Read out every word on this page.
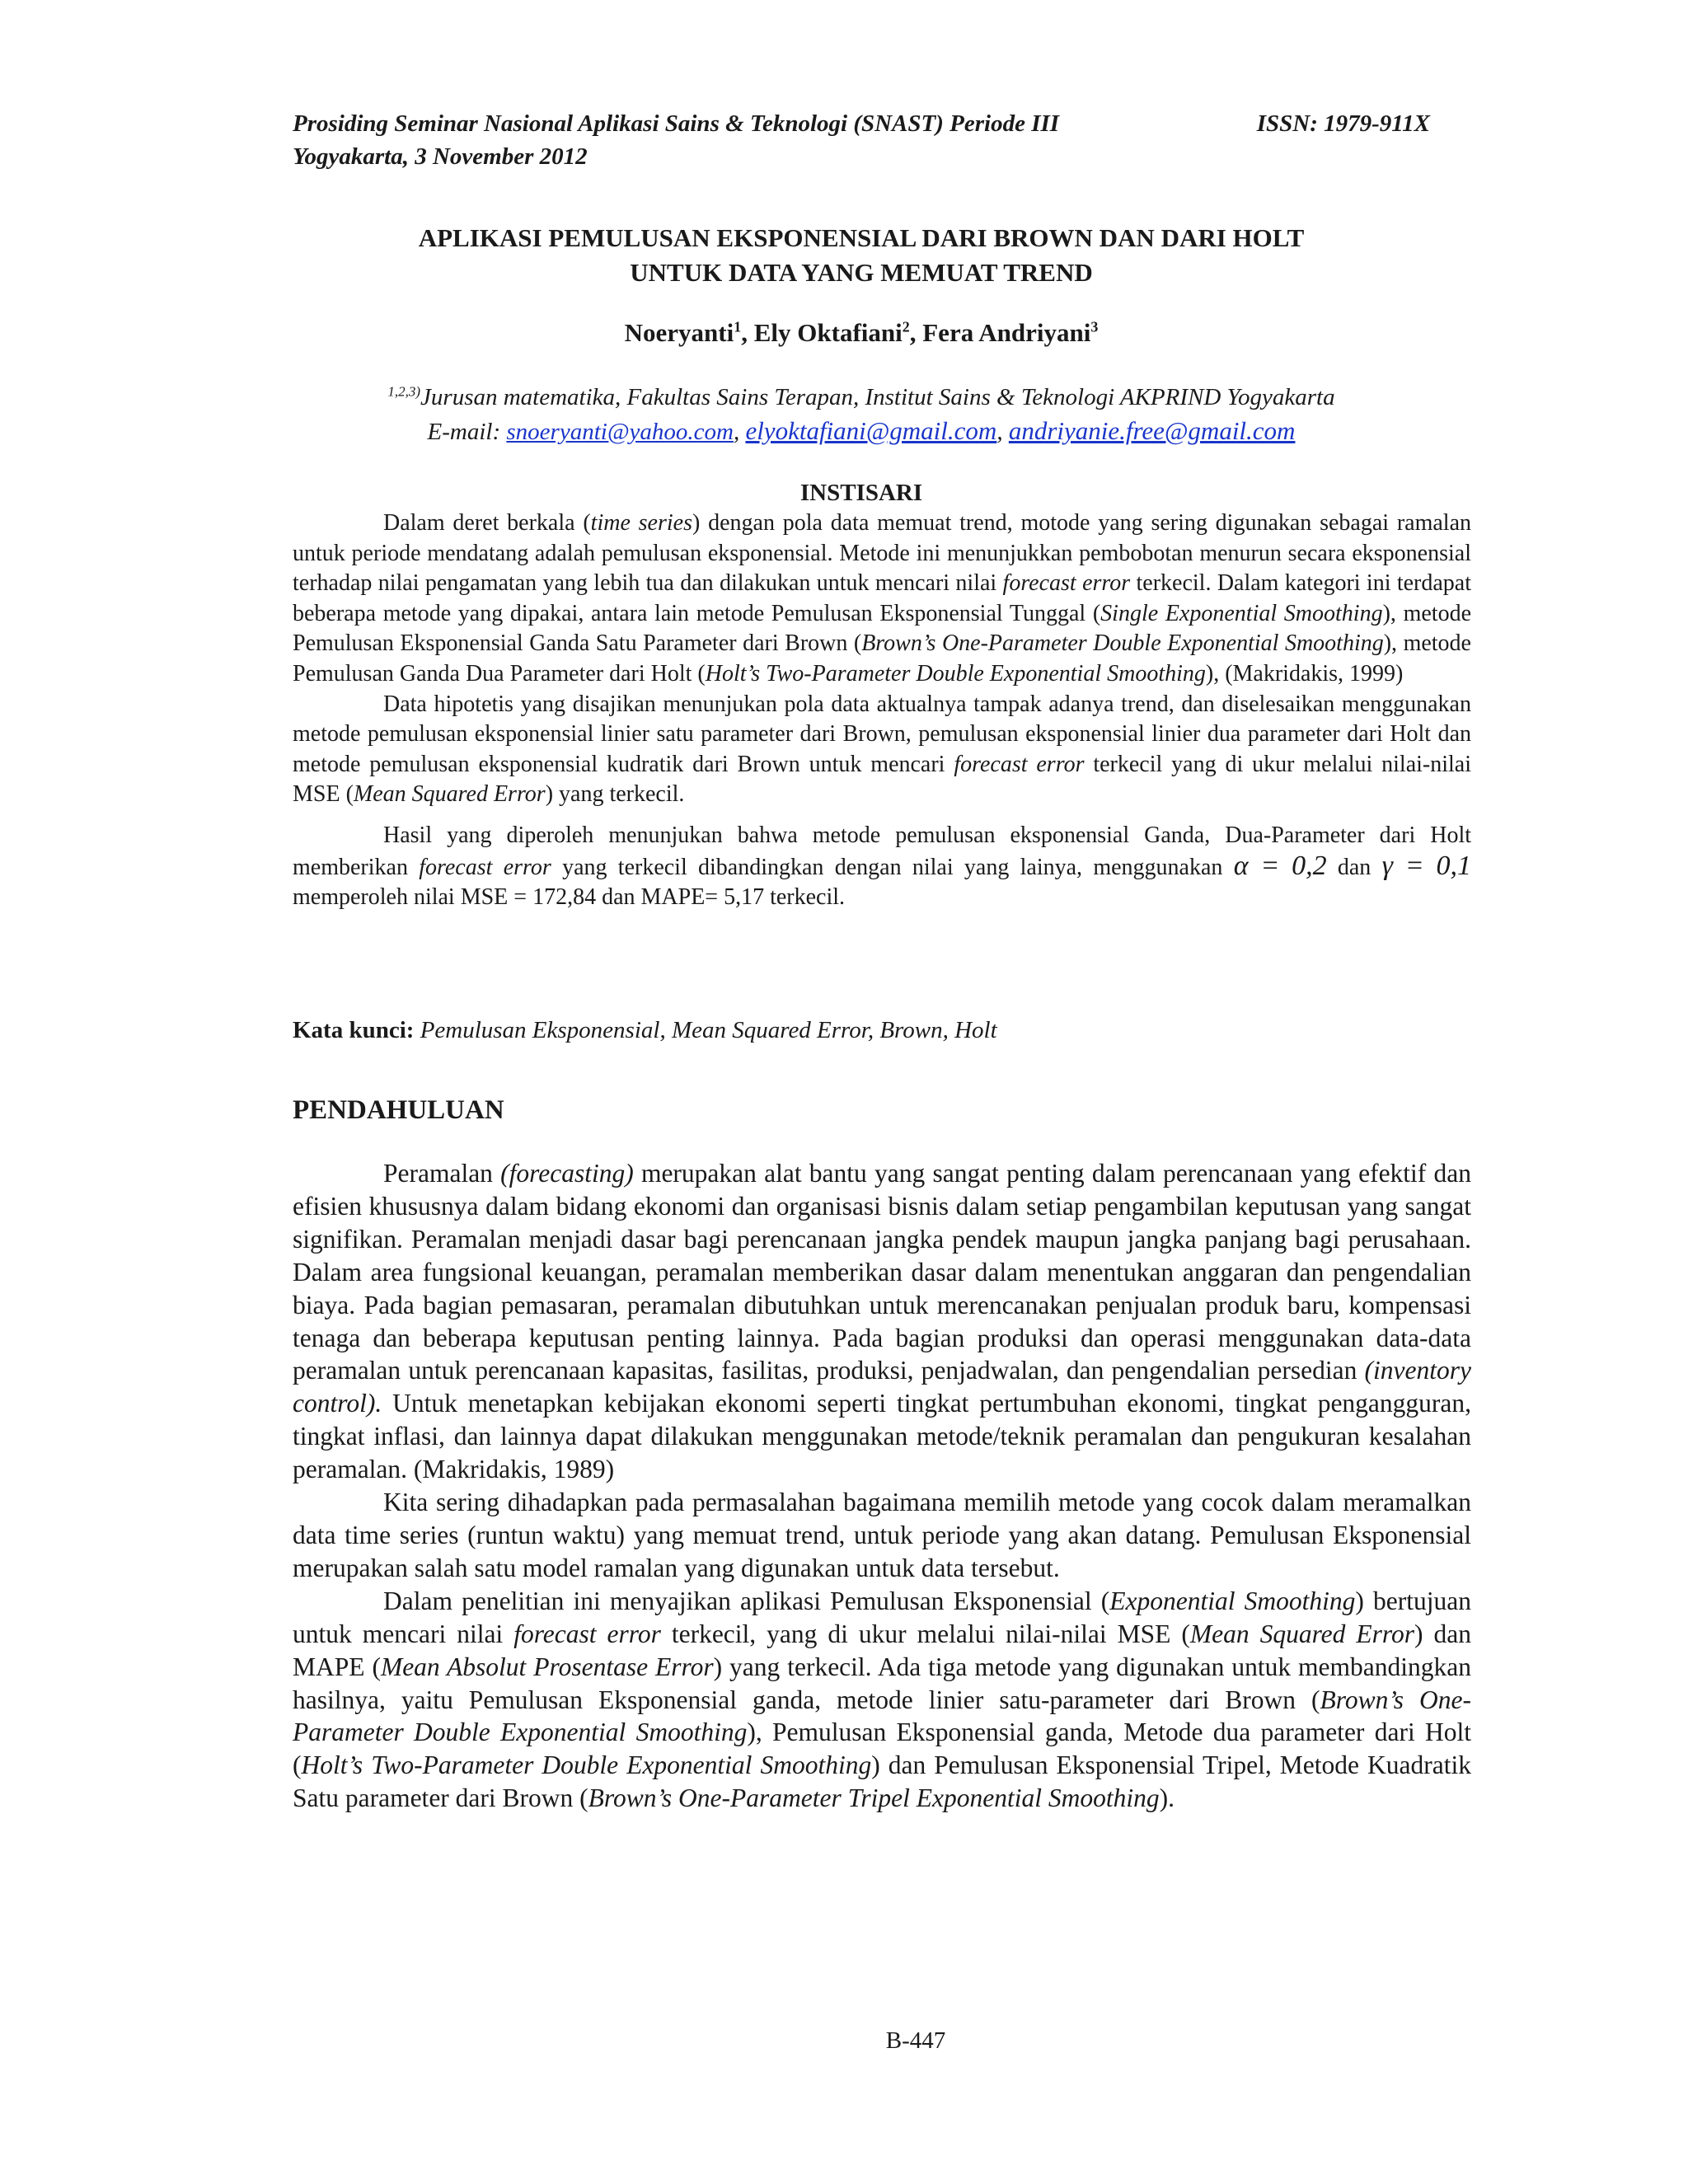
Prosiding Seminar Nasional Aplikasi Sains & Teknologi (SNAST) Periode III	ISSN: 1979-911X
Yogyakarta, 3 November 2012
APLIKASI PEMULUSAN EKSPONENSIAL DARI BROWN DAN DARI HOLT
UNTUK DATA YANG MEMUAT TREND
Noeryanti$^1$, Ely Oktafiani$^2$, Fera Andriyani$^3$
$^{1,2,3)}$Jurusan matematika, Fakultas Sains Terapan, Institut Sains & Teknologi AKPRIND Yogyakarta
E-mail: snoeryanti@yahoo.com, elyoktafiani@gmail.com, andriyanie.free@gmail.com
INSTISARI

Dalam deret berkala (time series) dengan pola data memuat trend, motode yang sering digunakan sebagai ramalan untuk periode mendatang adalah pemulusan eksponensial. Metode ini menunjukkan pembobotan menurun secara eksponensial terhadap nilai pengamatan yang lebih tua dan dilakukan untuk mencari nilai forecast error terkecil. Dalam kategori ini terdapat beberapa metode yang dipakai, antara lain metode Pemulusan Eksponensial Tunggal (Single Exponential Smoothing), metode Pemulusan Eksponensial Ganda Satu Parameter dari Brown (Brown’s One-Parameter Double Exponential Smoothing), metode Pemulusan Ganda Dua Parameter dari Holt (Holt’s Two-Parameter Double Exponential Smoothing), (Makridakis, 1999)

Data hipotetis yang disajikan menunjukan pola data aktualnya tampak adanya trend, dan diselesaikan menggunakan metode pemulusan eksponensial linier satu parameter dari Brown, pemulusan eksponensial linier dua parameter dari Holt dan metode pemulusan eksponensial kudratik dari Brown untuk mencari forecast error terkecil yang di ukur melalui nilai-nilai MSE (Mean Squared Error) yang terkecil.

Hasil yang diperoleh menunjukan bahwa metode pemulusan eksponensial Ganda, Dua-Parameter dari Holt memberikan forecast error yang terkecil dibandingkan dengan nilai yang lainya, menggunakan α = 0,2 dan γ = 0,1 memperoleh nilai MSE = 172,84 dan MAPE= 5,17 terkecil.

Kata kunci: Pemulusan Eksponensial, Mean Squared Error, Brown, Holt
PENDAHULUAN

Peramalan (forecasting) merupakan alat bantu yang sangat penting dalam perencanaan yang efektif dan efisien khususnya dalam bidang ekonomi dan organisasi bisnis dalam setiap pengambilan keputusan yang sangat signifikan. Peramalan menjadi dasar bagi perencanaan jangka pendek maupun jangka panjang bagi perusahaan. Dalam area fungsional keuangan, peramalan memberikan dasar dalam menentukan anggaran dan pengendalian biaya. Pada bagian pemasaran, peramalan dibutuhkan untuk merencanakan penjualan produk baru, kompensasi tenaga dan beberapa keputusan penting lainnya. Pada bagian produksi dan operasi menggunakan data-data peramalan untuk perencanaan kapasitas, fasilitas, produksi, penjadwalan, dan pengendalian persedian (inventory control). Untuk menetapkan kebijakan ekonomi seperti tingkat pertumbuhan ekonomi, tingkat pengangguran, tingkat inflasi, dan lainnya dapat dilakukan menggunakan metode/teknik peramalan dan pengukuran kesalahan peramalan. (Makridakis, 1989)

Kita sering dihadapkan pada permasalahan bagaimana memilih metode yang cocok dalam meramalkan data time series (runtun waktu) yang memuat trend, untuk periode yang akan datang. Pemulusan Eksponensial merupakan salah satu model ramalan yang digunakan untuk data tersebut.

Dalam penelitian ini menyajikan aplikasi Pemulusan Eksponensial (Exponential Smoothing) bertujuan untuk mencari nilai forecast error terkecil, yang di ukur melalui nilai-nilai MSE (Mean Squared Error) dan MAPE (Mean Absolut Prosentase Error) yang terkecil. Ada tiga metode yang digunakan untuk membandingkan hasilnya, yaitu Pemulusan Eksponensial ganda, metode linier satu-parameter dari Brown (Brown’s One-Parameter Double Exponential Smoothing), Pemulusan Eksponensial ganda, Metode dua parameter dari Holt (Holt’s Two-Parameter Double Exponential Smoothing) dan Pemulusan Eksponensial Tripel, Metode Kuadratik Satu parameter dari Brown (Brown’s One-Parameter Tripel Exponential Smoothing).

B-447
